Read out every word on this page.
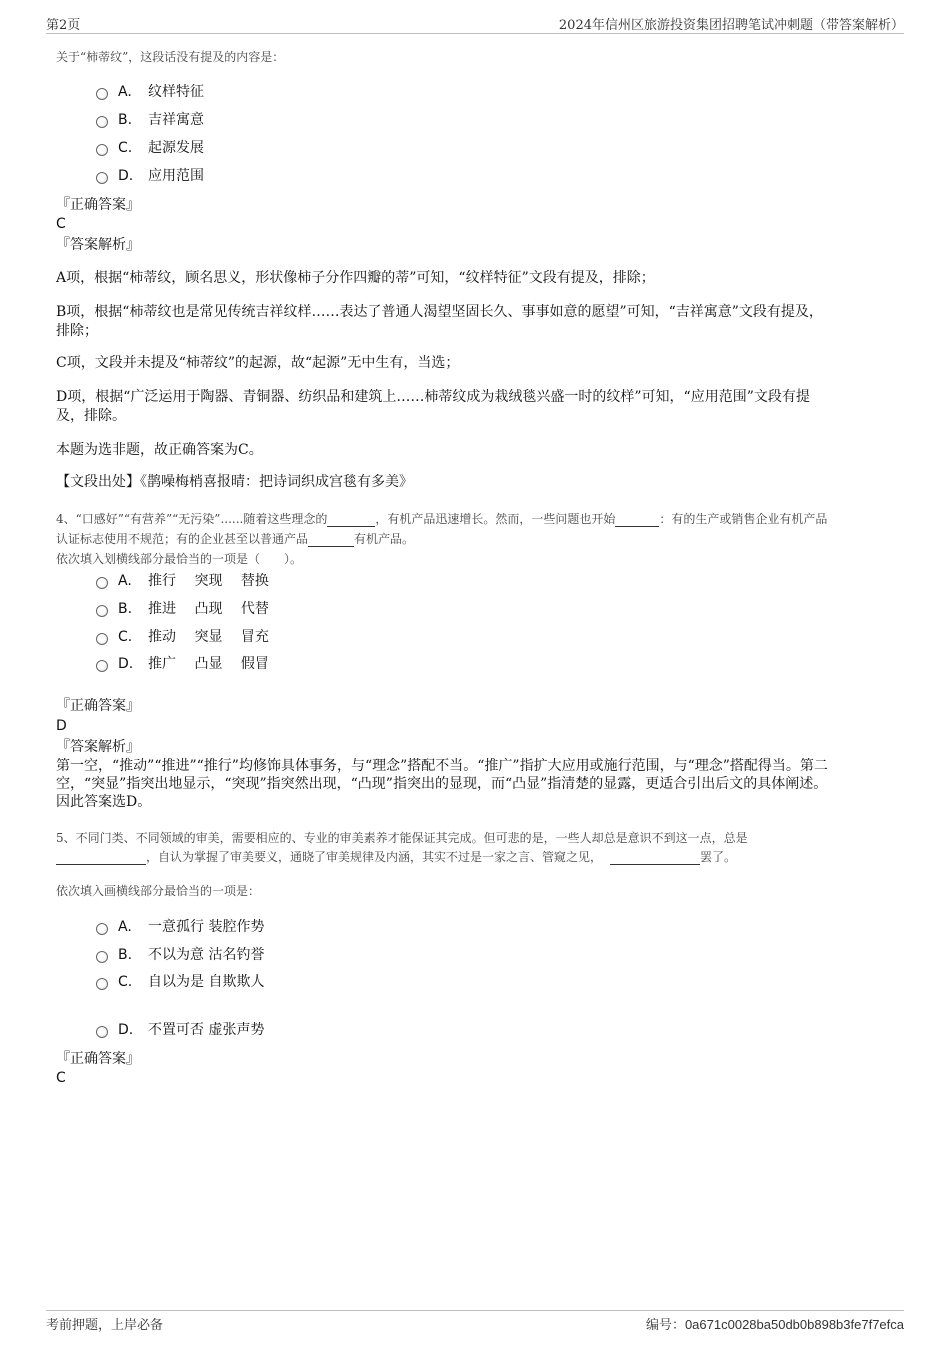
第2页	2024年信州区旅游投资集团招聘笔试冲刺题（带答案解析）
关于“柿蒂纹”，这段话没有提及的内容是：
A. 纹样特征
B. 吉祥寓意
C. 起源发展
D. 应用范围
『正确答案』
C
『答案解析』
A项，根据“柿蒂纹，顾名思义，形状像柿子分作四瓣的蒂”可知，“纹样特征”文段有提及，排除；
B项，根据“柿蒂纹也是常见传统吉祥纹样……表达了普通人渴望坚固长久、事事如意的愿望”可知，“吉祥寓意”文段有提及，
排除；
C项，文段并未提及“柿蒂纹”的起源，故“起源”无中生有，当选；
D项，根据“广泛运用于陶器、青铜器、纺织品和建筑上……柿蒂纹成为栽绒毯兴盛一时的纹样”可知，“应用范围”文段有提
及，排除。
本题为选非题，故正确答案为C。
【文段出处】《鹊噪梅梢喜报晴：把诗词织成宫毯有多美》
4、“口感好”“有营养”“无污染”......随着这些理念的	，有机产品迅速增长。然而，一些问题也开始	：有的生产或销售企业有机产品
认证标志使用不规范；有的企业甚至以普通产品	有机产品。
依次填入划横线部分最恰当的一项是（　　）。
A. 推行　 突现　 替换
B. 推进　 凸现　 代替
C. 推动　 突显　 冒充
D. 推广　 凸显　 假冒
『正确答案』
D
『答案解析』
第一空，“推动”“推进”“推行”均修饰具体事务，与“理念”搭配不当。“推广”指扩大应用或施行范围，与“理念”搭配得当。第二
空，“突显”指突出地显示，“突现”指突然出现，“凸现”指突出的显现，而“凸显”指清楚的显露，更适合引出后文的具体阐述。
因此答案选D。
5、不同门类、不同领域的审美，需要相应的、专业的审美素养才能保证其完成。但可悲的是，一些人却总是意识不到这一点，总是
，自认为掌握了审美要义，通晓了审美规律及内涵，其实不过是一家之言、管窥之见，	罢了。
依次填入画横线部分最恰当的一项是：
A. 一意孤行 装腔作势
B. 不以为意 沽名钓誉
C. 自以为是 自欺欺人
D. 不置可否 虚张声势
『正确答案』
C
考前押题，上岸必备	编号：0a671c0028ba50db0b898b3fe7f7efca
